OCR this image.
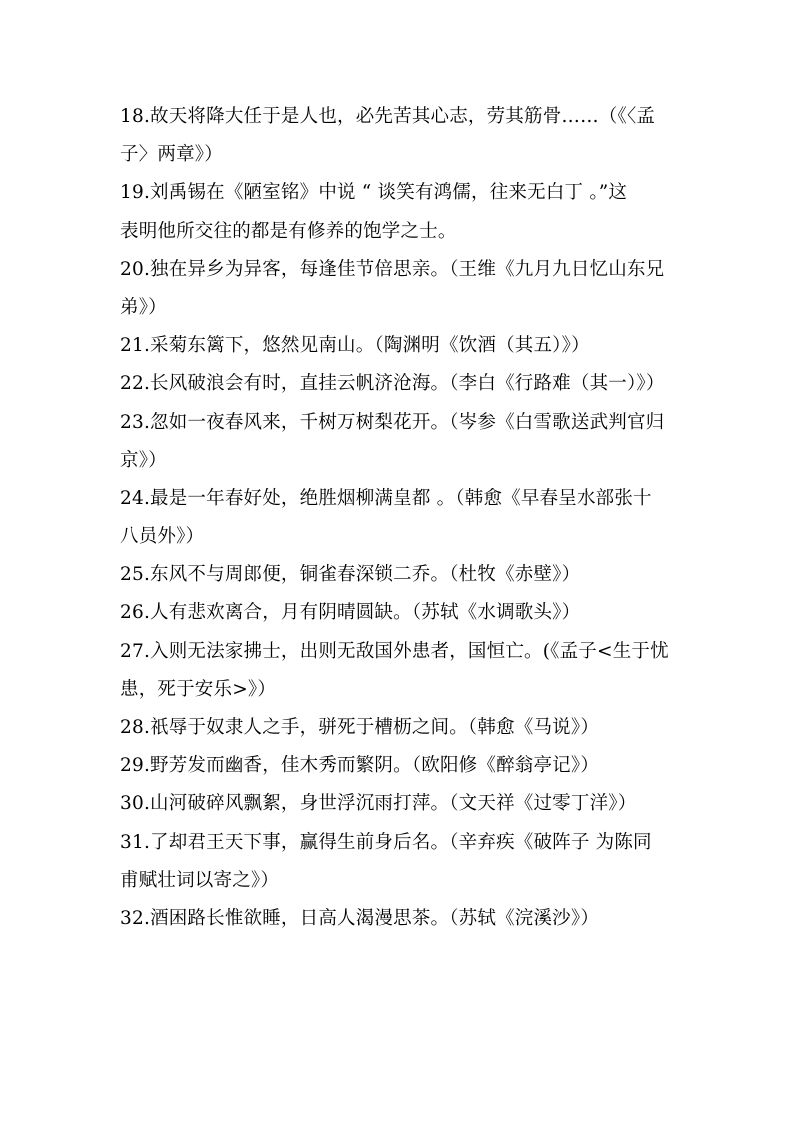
18.故天将降大任于是人也，必先苦其心志，劳其筋骨……（《〈孟
子〉两章》）
19.刘禹锡在《陋室铭》中说 “ 谈笑有鸿儒，往来无白丁 。”这
表明他所交往的都是有修养的饱学之士。
20.独在异乡为异客，每逢佳节倍思亲。（王维《九月九日忆山东兄
弟》）
21.采菊东篱下，悠然见南山。（陶渊明《饮酒（其五）》）
22.长风破浪会有时，直挂云帆济沧海。（李白《行路难（其一）》）
23.忽如一夜春风来，千树万树梨花开。（岑参《白雪歌送武判官归
京》）
24.最是一年春好处，绝胜烟柳满皇都 。（韩愈《早春呈水部张十
八员外》）
25.东风不与周郎便，铜雀春深锁二乔。（杜牧《赤壁》）
26.人有悲欢离合，月有阴晴圆缺。（苏轼《水调歌头》）
27.入则无法家拂士，出则无敌国外患者，国恒亡。(《孟子<生于忧
患，死于安乐>》）
28.祇辱于奴隶人之手，骈死于槽枥之间。（韩愈《马说》）
29.野芳发而幽香，佳木秀而繁阴。（欧阳修《醉翁亭记》）
30.山河破碎风飘絮，身世浮沉雨打萍。（文天祥《过零丁洋》）
31.了却君王天下事，赢得生前身后名。（辛弃疾《破阵子 为陈同
甫赋壮词以寄之》）
32.酒困路长惟欲睡，日高人渴漫思茶。（苏轼《浣溪沙》）
